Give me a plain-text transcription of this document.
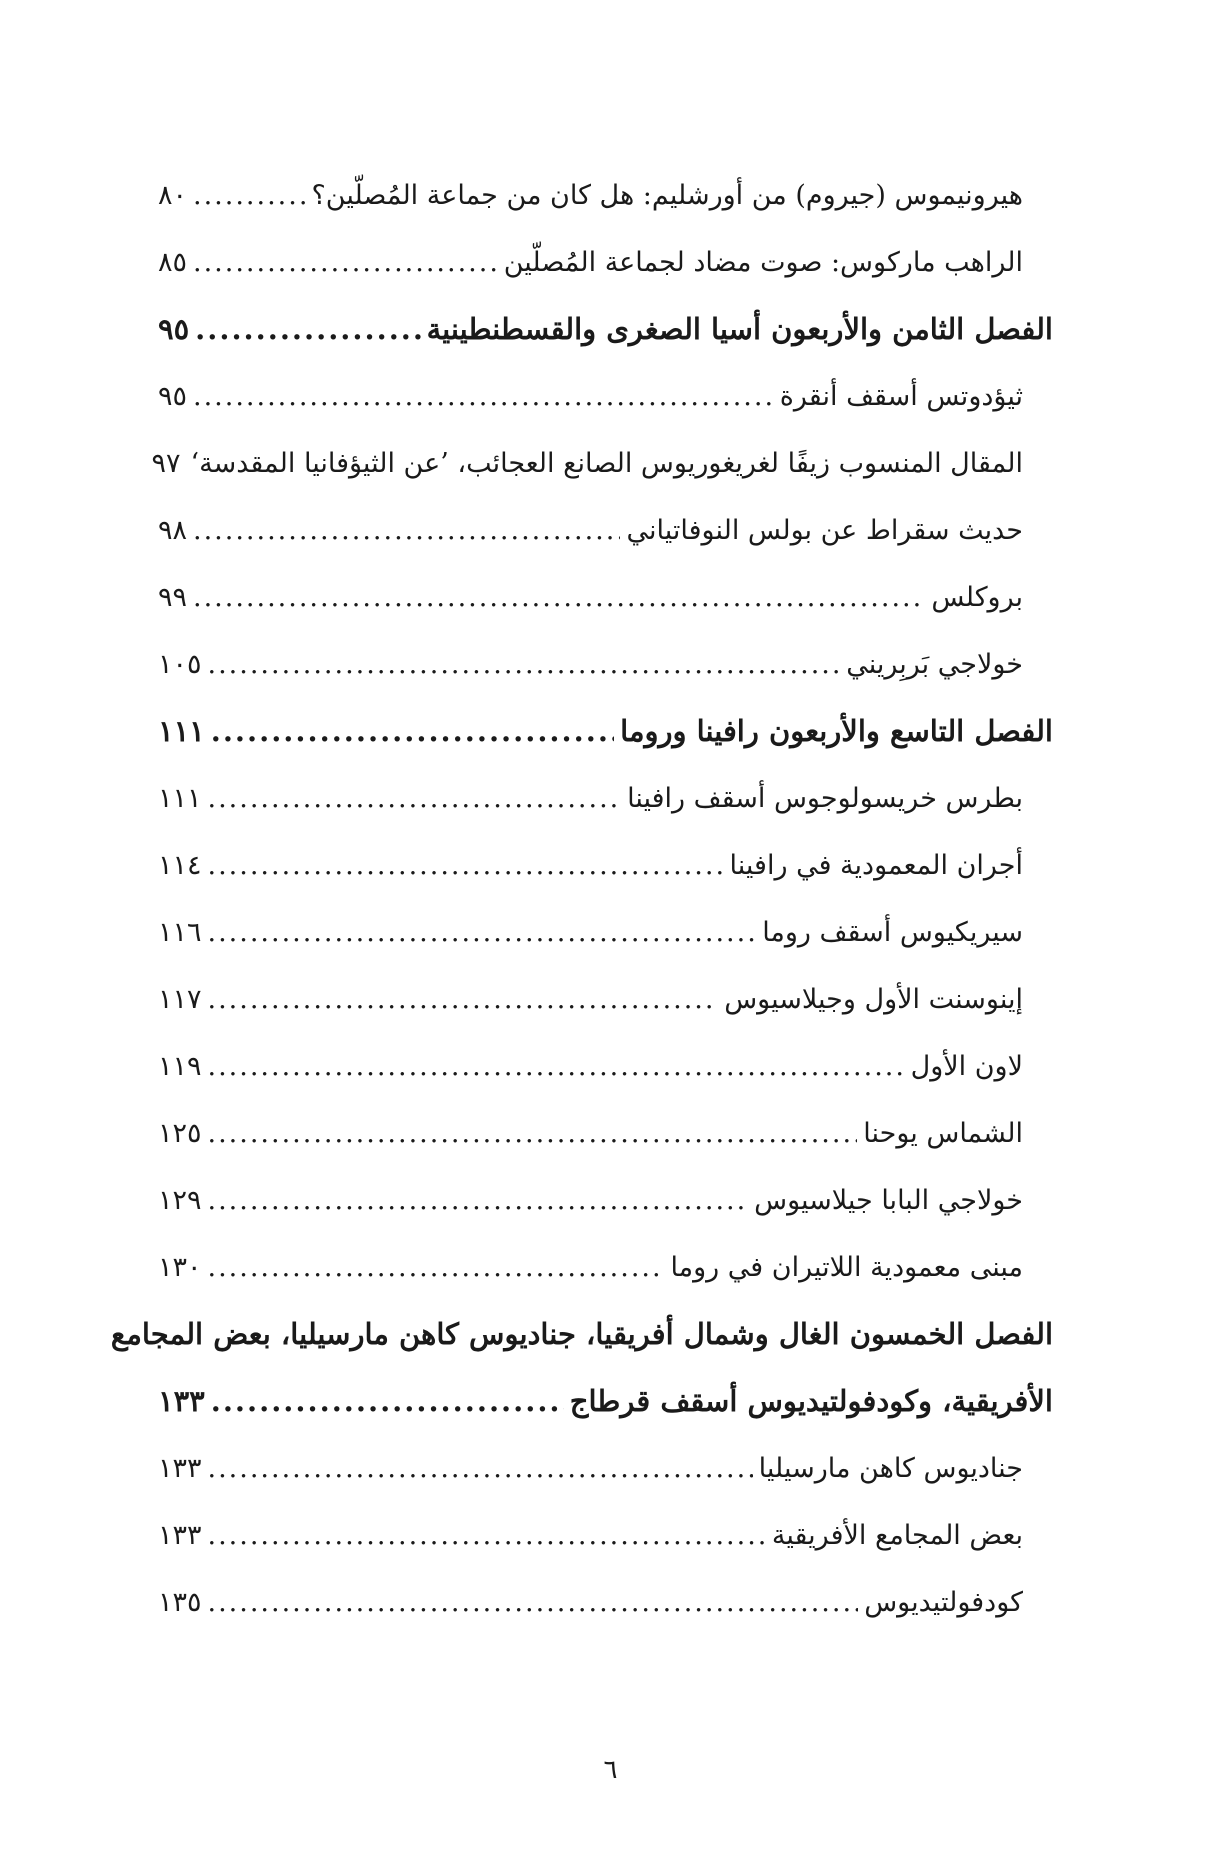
هيرونيموس (جيروم) من أورشليم: هل كان من جماعة المُصلّين؟
.....
٨٠
الراهب ماركوس: صوت مضاد لجماعة المُصلّين
.....
٨٥
الفصل الثامن والأربعون أسيا الصغرى والقسطنطينية
.....
٩٥
ثيؤدوتس أسقف أنقرة
.....
٩٥
المقال المنسوب زيفًا لغريغوريوس الصانع العجائب، ’عن الثيؤفانيا المقدسة‘
٩٧
حديث سقراط عن بولس النوفاتياني
.....
٩٨
بروكلس
.....
٩٩
خولاجي بَربِريني
.....
١٠٥
الفصل التاسع والأربعون رافينا وروما
.....
١١١
بطرس خريسولوجوس أسقف رافينا
.....
١١١
أجران المعمودية في رافينا
.....
١١٤
سيريكيوس أسقف روما
.....
١١٦
إينوسنت الأول وجيلاسيوس
.....
١١٧
لاون الأول
.....
١١٩
الشماس يوحنا
.....
١٢٥
خولاجي البابا جيلاسيوس
.....
١٢٩
مبنى معمودية اللاتيران في روما
.....
١٣٠
الفصل الخمسون الغال وشمال أفريقيا، جناديوس كاهن مارسيليا، بعض المجامع
الأفريقية، وكودفولتيديوس أسقف قرطاج
.....
١٣٣
جناديوس كاهن مارسيليا
.....
١٣٣
بعض المجامع الأفريقية
.....
١٣٣
كودفولتيديوس
.....
١٣٥
٦
